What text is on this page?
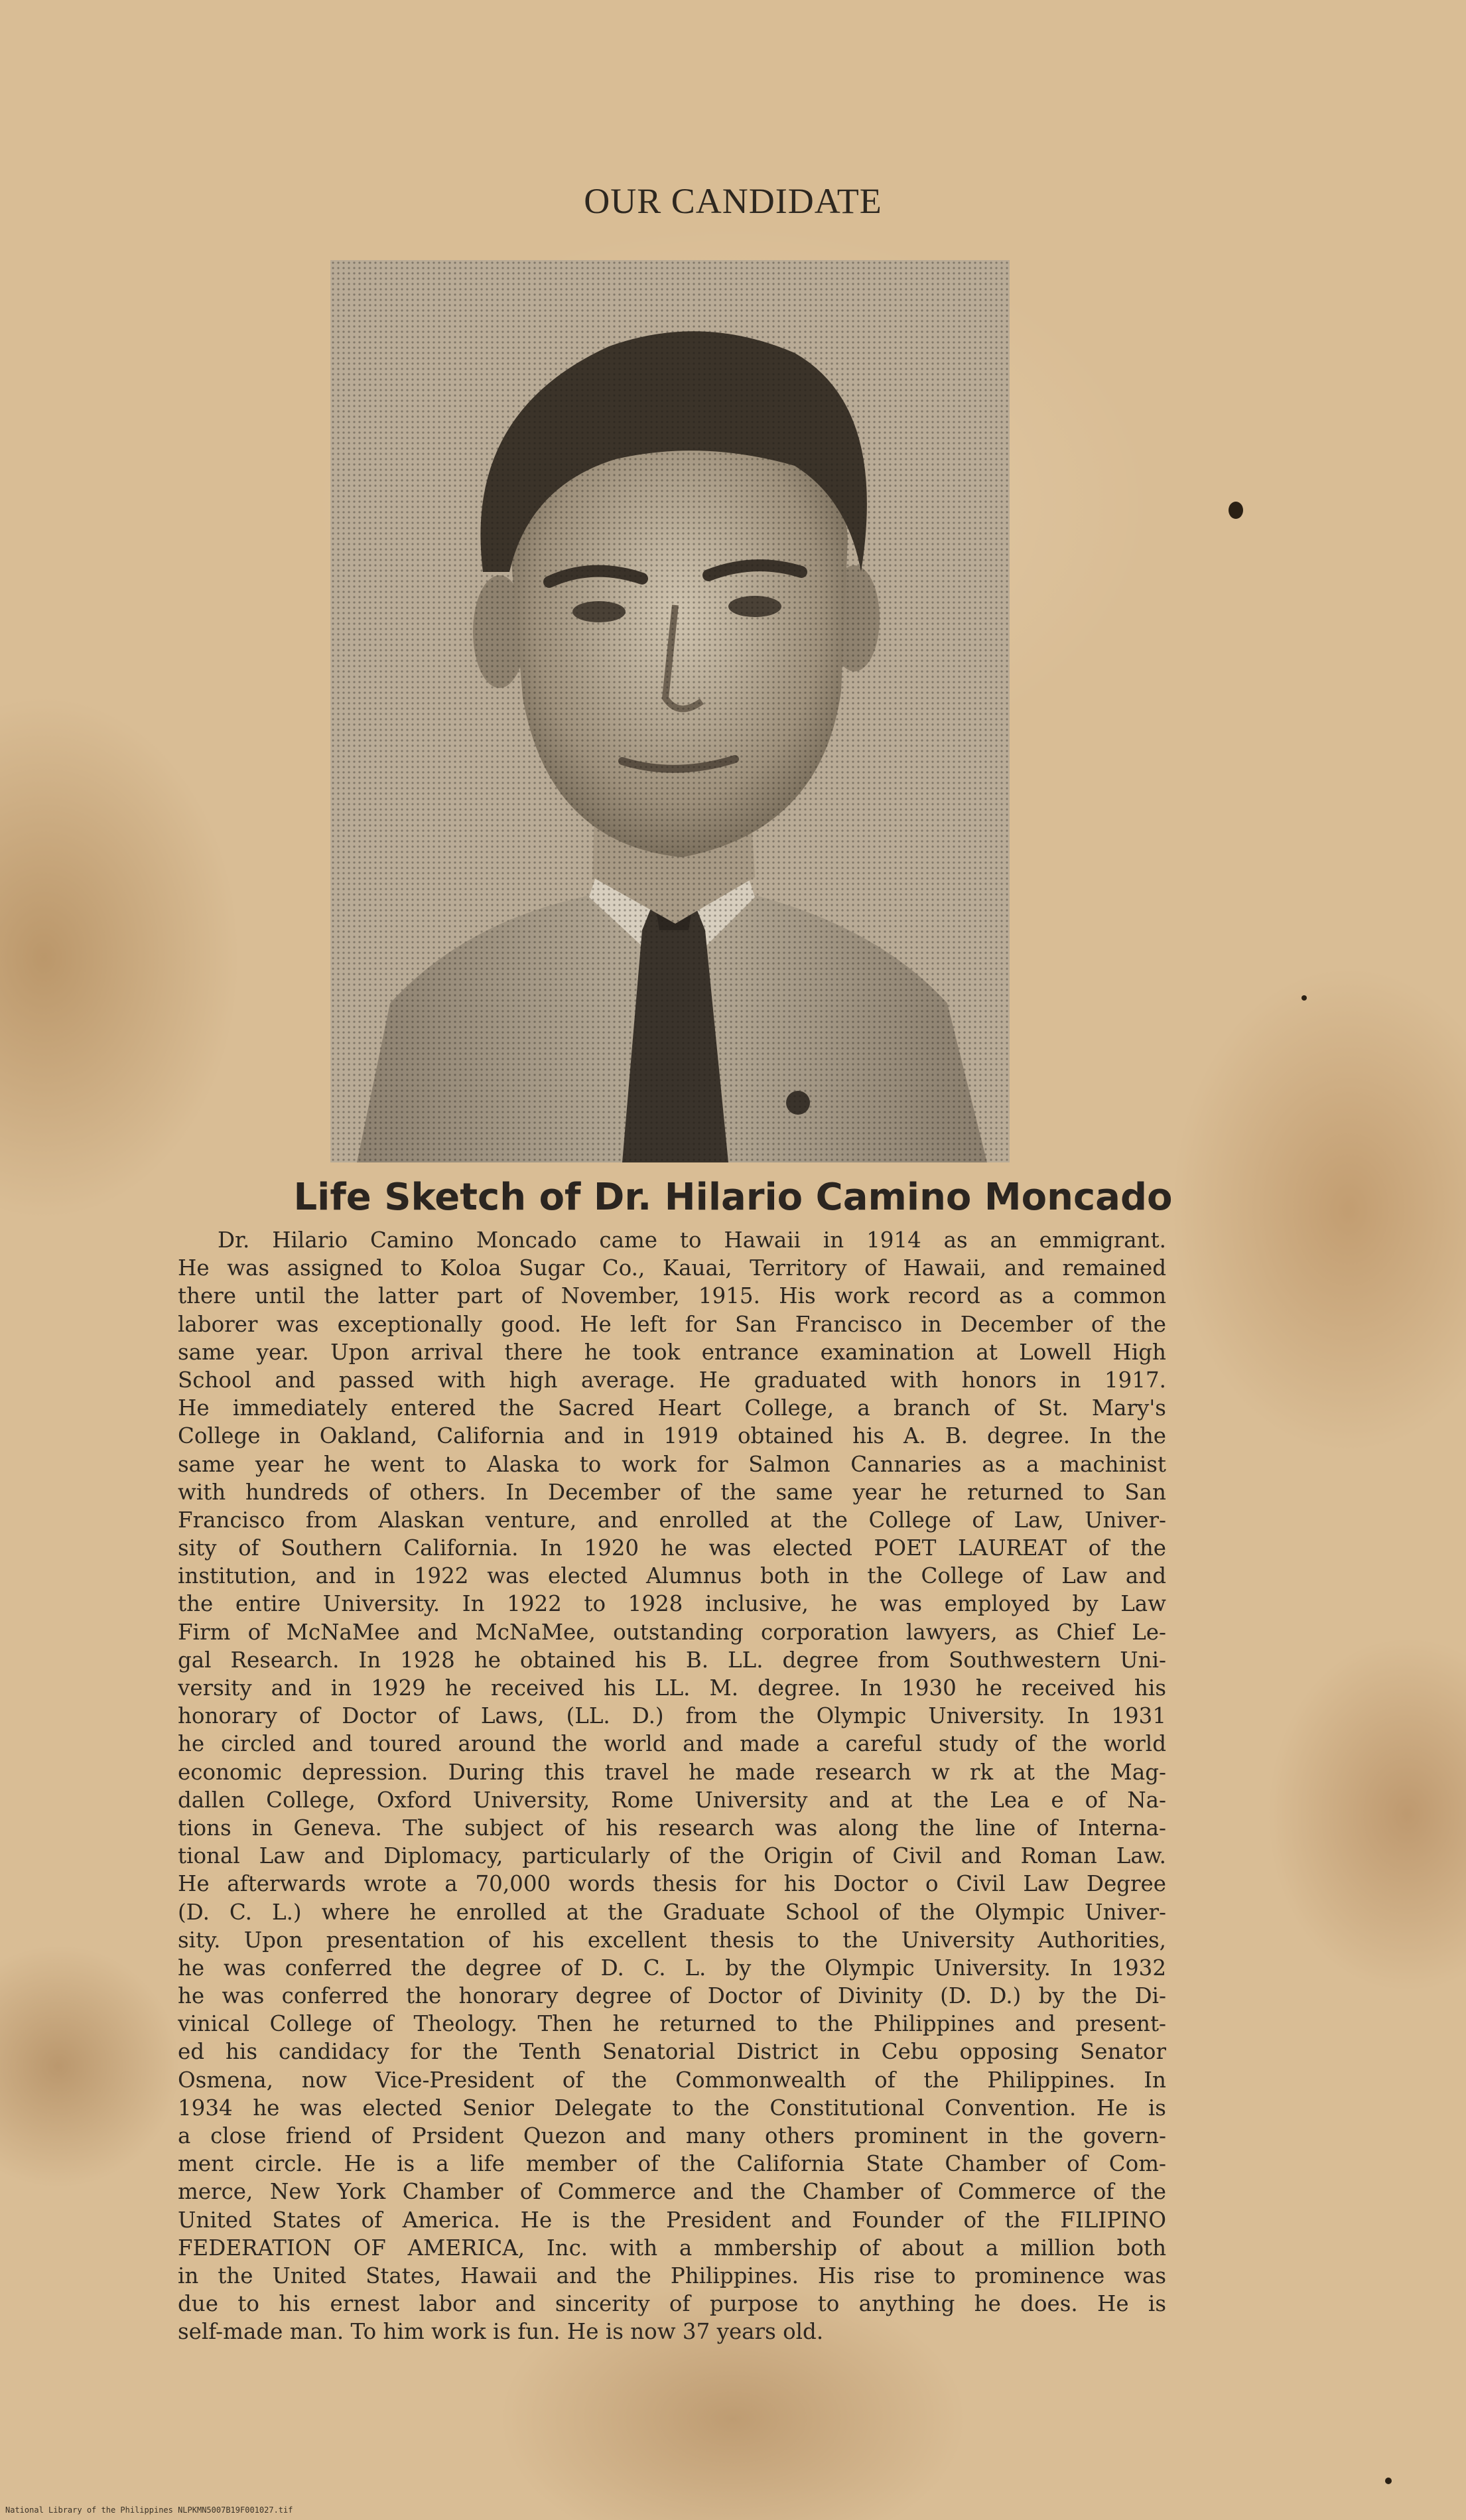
OUR CANDIDATE
Life Sketch of Dr. Hilario Camino Moncado
Dr. Hilario Camino Moncado came to Hawaii in 1914 as an emmigrant.
He was assigned to Koloa Sugar Co., Kauai, Territory of Hawaii, and remained
there until the latter part of November, 1915. His work record as a common
laborer was exceptionally good. He left for San Francisco in December of the
same year. Upon arrival there he took entrance examination at Lowell High
School and passed with high average. He graduated with honors in 1917.
He immediately entered the Sacred Heart College, a branch of St. Mary's
College in Oakland, California and in 1919 obtained his A. B. degree. In the
same year he went to Alaska to work for Salmon Cannaries as a machinist
with hundreds of others. In December of the same year he returned to San
Francisco from Alaskan venture, and enrolled at the College of Law, Univer-
sity of Southern California. In 1920 he was elected POET LAUREAT of the
institution, and in 1922 was elected Alumnus both in the College of Law and
the entire University. In 1922 to 1928 inclusive, he was employed by Law
Firm of McNaMee and McNaMee, outstanding corporation lawyers, as Chief Le-
gal Research. In 1928 he obtained his B. LL. degree from Southwestern Uni-
versity and in 1929 he received his LL. M. degree. In 1930 he received his
honorary of Doctor of Laws, (LL. D.) from the Olympic University. In 1931
he circled and toured around the world and made a careful study of the world
economic depression. During this travel he made research w rk at the Mag-
dallen College, Oxford University, Rome University and at the Lea e of Na-
tions in Geneva. The subject of his research was along the line of Interna-
tional Law and Diplomacy, particularly of the Origin of Civil and Roman Law.
He afterwards wrote a 70,000 words thesis for his Doctor o Civil Law Degree
(D. C. L.) where he enrolled at the Graduate School of the Olympic Univer-
sity. Upon presentation of his excellent thesis to the University Authorities,
he was conferred the degree of D. C. L. by the Olympic University. In 1932
he was conferred the honorary degree of Doctor of Divinity (D. D.) by the Di-
vinical College of Theology. Then he returned to the Philippines and present-
ed his candidacy for the Tenth Senatorial District in Cebu opposing Senator
Osmena, now Vice-President of the Commonwealth of the Philippines. In
1934 he was elected Senior Delegate to the Constitutional Convention. He is
a close friend of Prsident Quezon and many others prominent in the govern-
ment circle. He is a life member of the California State Chamber of Com-
merce, New York Chamber of Commerce and the Chamber of Commerce of the
United States of America. He is the President and Founder of the FILIPINO
FEDERATION OF AMERICA, Inc. with a mmbership of about a million both
in the United States, Hawaii and the Philippines. His rise to prominence was
due to his ernest labor and sincerity of purpose to anything he does. He is
self-made man. To him work is fun. He is now 37 years old.
National Library of the Philippines NLPKMN5007B19F001027.tif
